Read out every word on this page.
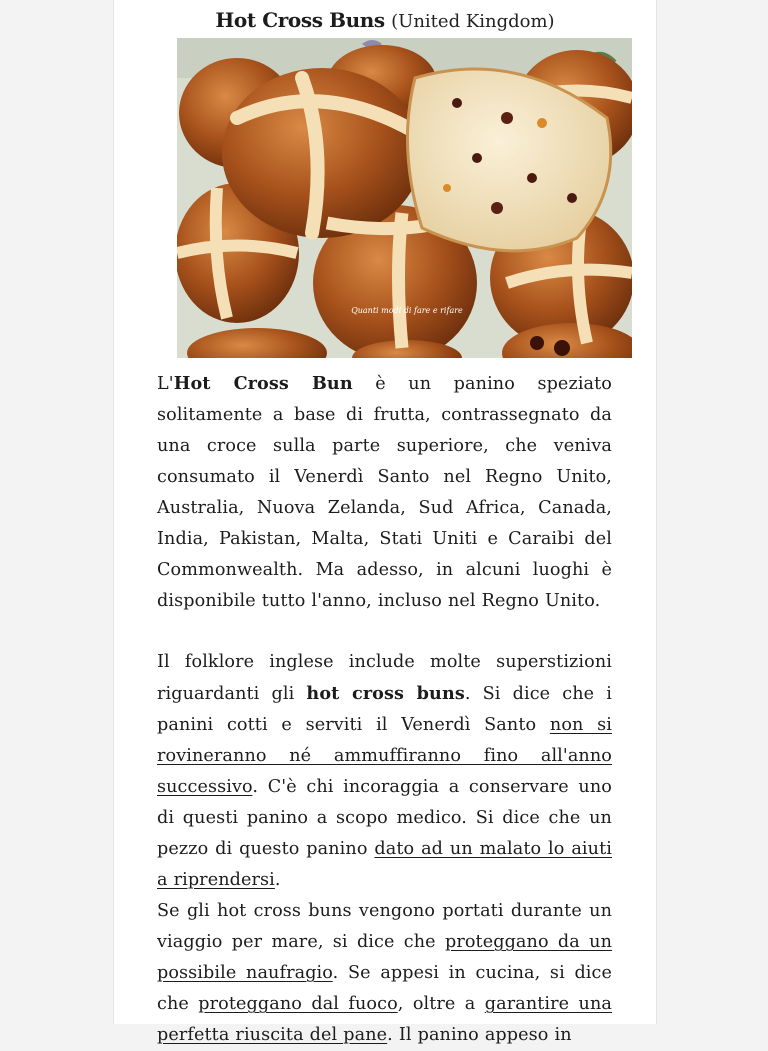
Hot Cross Buns (United Kingdom)
Quanti modi di fare e rifare

L'Hot Cross Bun è un panino speziato solitamente a base di frutta, contrassegnato da una croce sulla parte superiore, che veniva consumato il Venerdì Santo nel Regno Unito, Australia, Nuova Zelanda, Sud Africa, Canada, India, Pakistan, Malta, Stati Uniti e Caraibi del Commonwealth. Ma adesso, in alcuni luoghi è disponibile tutto l'anno, incluso nel Regno Unito.

Il folklore inglese include molte superstizioni riguardanti gli hot cross buns. Si dice che i panini cotti e serviti il Venerdì Santo non si rovineranno né ammuffiranno fino all'anno successivo. C'è chi incoraggia a conservare uno di questi panino a scopo medico. Si dice che un pezzo di questo panino dato ad un malato lo aiuti a riprendersi.

Se gli hot cross buns vengono portati durante un viaggio per mare, si dice che proteggano da un possibile naufragio. Se appesi in cucina, si dice che proteggano dal fuoco, oltre a garantire una perfetta riuscita del pane. Il panino appeso in
